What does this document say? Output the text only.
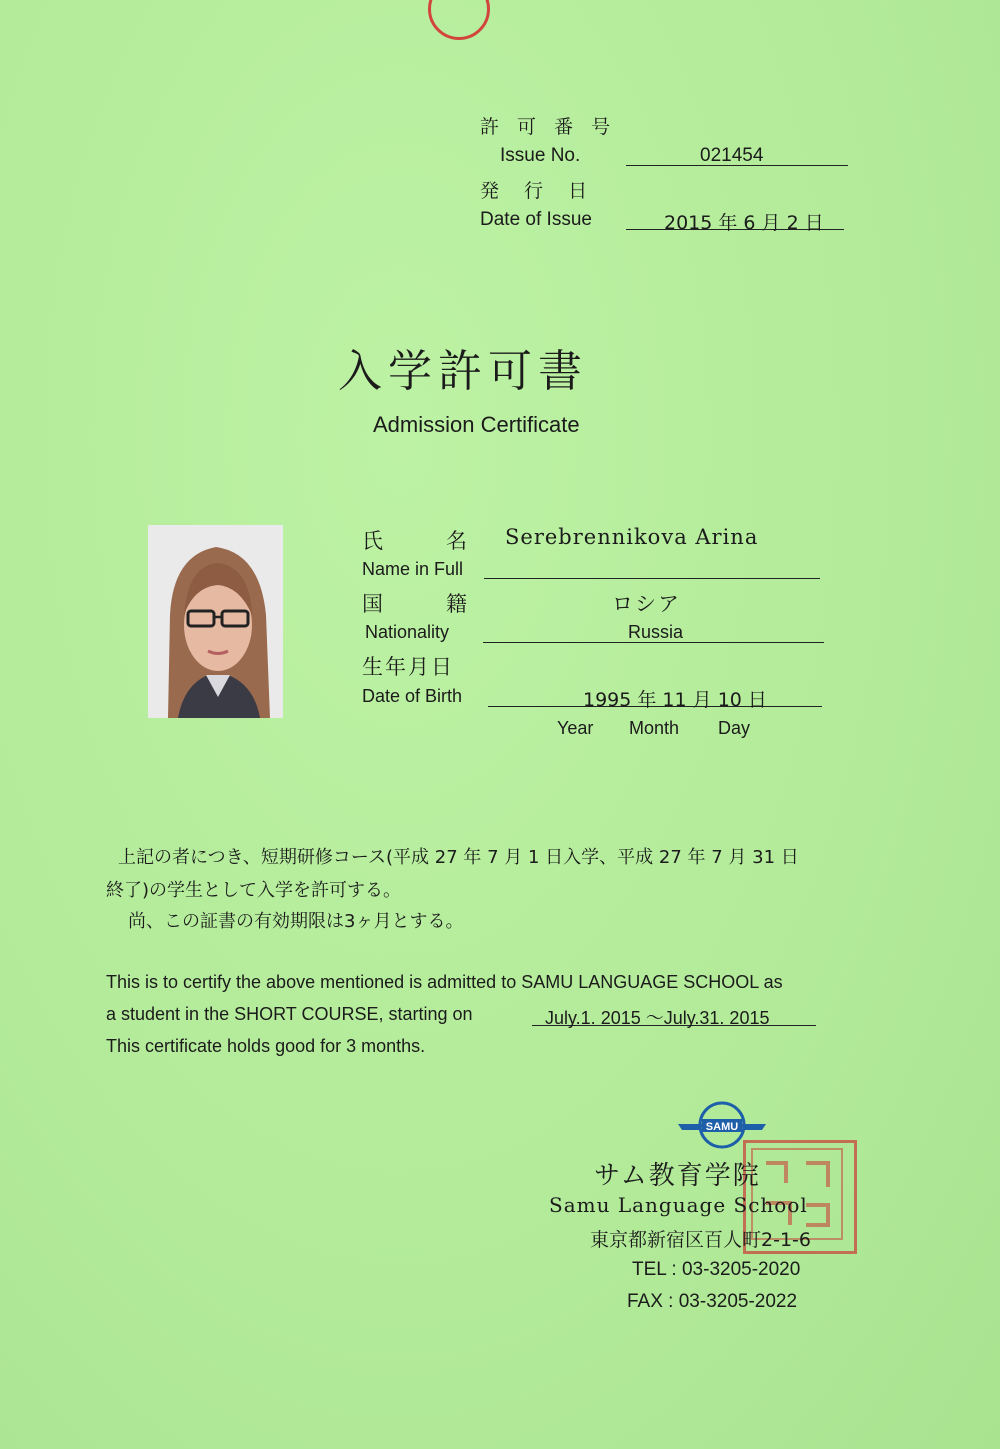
許 可 番 号
Issue No.	021454
発　 行　 日
Date of Issue	2015 年 6 月 2 日
入学許可書
Admission Certificate
氏　　　名 Serebrennikova Arina
Name in Full
国　　　籍	ロシア
Nationality	Russia
生年月日
Date of Birth	1995 年 11 月 10 日
Year Month Day
上記の者につき、短期研修コース(平成 27 年 7 月 1 日入学、平成 27 年 7 月 31 日
終了)の学生として入学を許可する。
尚、この証書の有効期限は3ヶ月とする。
This is to certify the above mentioned is admitted to SAMU LANGUAGE SCHOOL as
a student in the SHORT COURSE, starting on	July.1. 2015 ～July.31. 2015
This certificate holds good for 3 months.
SAMU
サム教育学院
Samu Language School
東京都新宿区百人町2-1-6
TEL : 03-3205-2020
FAX : 03-3205-2022
